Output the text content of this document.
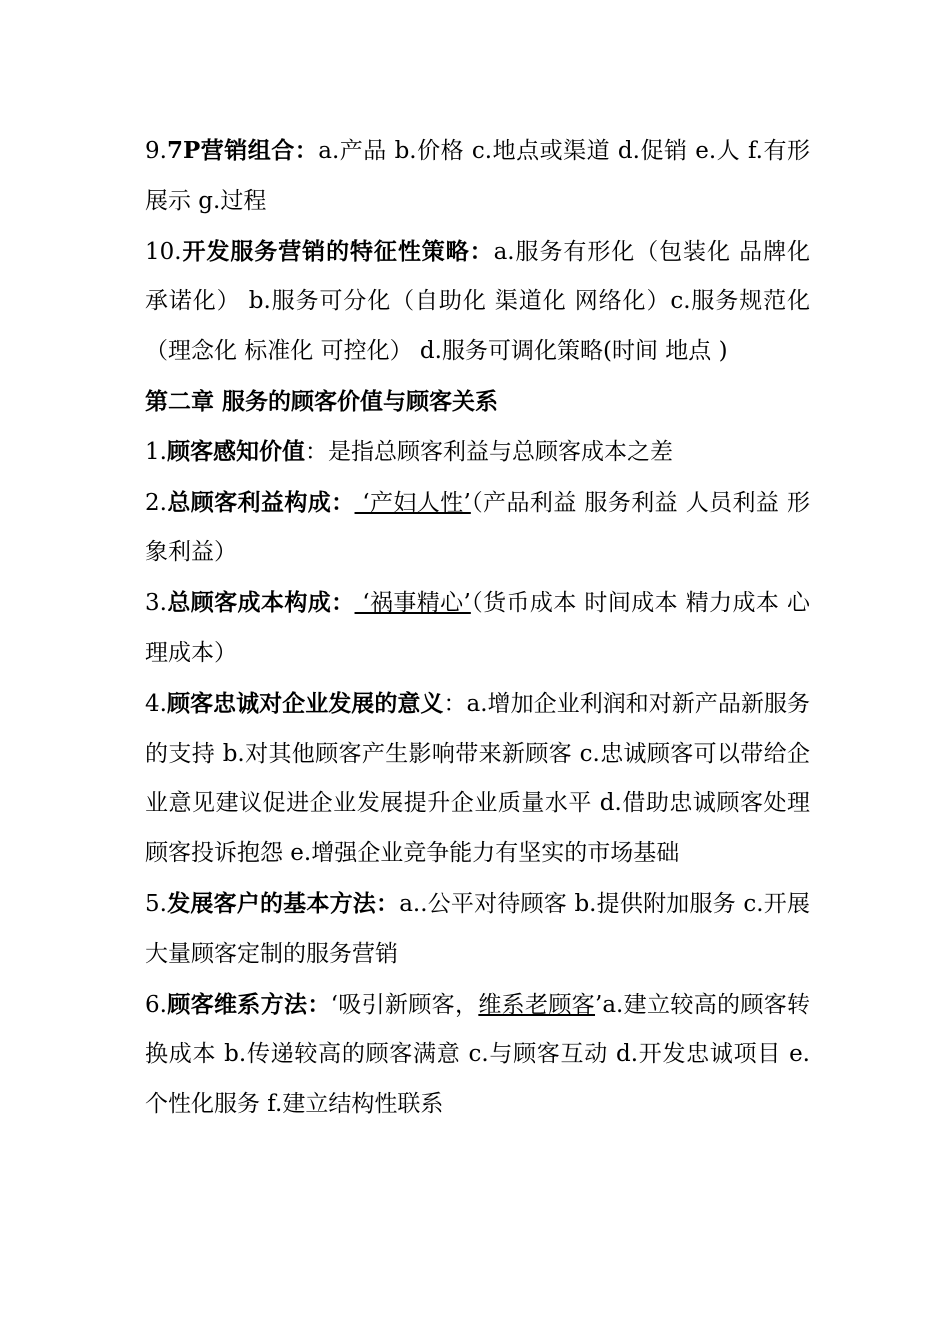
9.7P营销组合：a.产品 b.价格 c.地点或渠道 d.促销 e.人 f.有形展示 g.过程

10.开发服务营销的特征性策略：a.服务有形化（包装化 品牌化 承诺化） b.服务可分化（自助化 渠道化 网络化）c.服务规范化（理念化 标准化 可控化） d.服务可调化策略(时间 地点 )

第二章 服务的顾客价值与顾客关系

1.顾客感知价值：是指总顾客利益与总顾客成本之差

2.总顾客利益构成： ‘产妇人性’（产品利益 服务利益 人员利益 形象利益）

3.总顾客成本构成： ‘祸事精心’（货币成本 时间成本 精力成本 心理成本）

4.顾客忠诚对企业发展的意义：a.增加企业利润和对新产品新服务的支持 b.对其他顾客产生影响带来新顾客 c.忠诚顾客可以带给企业意见建议促进企业发展提升企业质量水平 d.借助忠诚顾客处理顾客投诉抱怨 e.增强企业竞争能力有坚实的市场基础

5.发展客户的基本方法：a..公平对待顾客 b.提供附加服务 c.开展大量顾客定制的服务营销

6.顾客维系方法：‘吸引新顾客，维系老顾客’a.建立较高的顾客转换成本 b.传递较高的顾客满意 c.与顾客互动 d.开发忠诚项目 e.个性化服务 f.建立结构性联系
